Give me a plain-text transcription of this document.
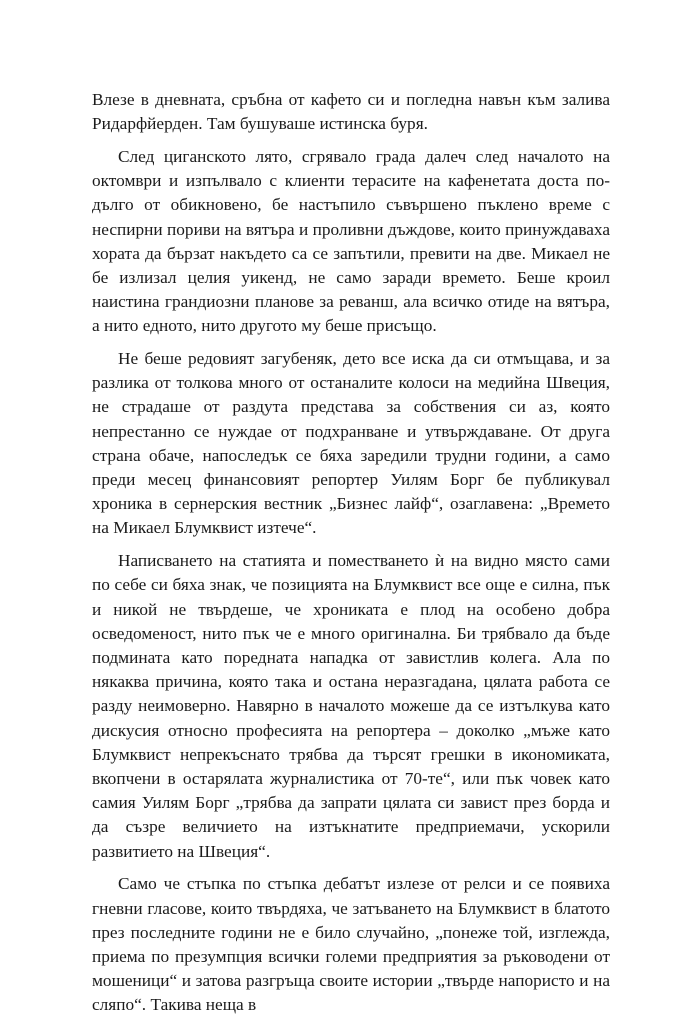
Влезе в дневната, сръбна от кафето си и погледна навън към залива Ридарфйерден. Там бушуваше истинска буря.

След циганското лято, сгрявало града далеч след началото на октомври и изпълвало с клиенти терасите на кафенетата доста по-дълго от обикновено, бе настъпило съвършено пъклено време с неспирни пориви на вятъра и проливни дъждове, които принуждаваха хората да бързат накъдето са се запътили, превити на две. Микаел не бе излизал целия уикенд, не само заради времето. Беше кроил наистина грандиозни планове за реванш, ала всичко отиде на вятъра, а нито едното, нито другото му беше присъщо.

Не беше редовият загубеняк, дето все иска да си отмъщава, и за разлика от толкова много от останалите колоси на медийна Швеция, не страдаше от раздута представа за собствения си аз, която непрестанно се нуждае от подхранване и утвърждаване. От друга страна обаче, напоследък се бяха заредили трудни години, а само преди месец финансовият репортер Уилям Борг бе публикувал хроника в сернерския вестник „Бизнес лайф“, озаглавена: „Времето на Микаел Блумквист изтече“.

Написването на статията и поместването ѝ на видно място сами по себе си бяха знак, че позицията на Блумквист все още е силна, пък и никой не твърдеше, че хрониката е плод на особено добра осведоменост, нито пък че е много оригинална. Би трябвало да бъде подмината като поредната нападка от завистлив колега. Ала по някаква причина, която така и остана неразгадана, цялата работа се разду неимоверно. Навярно в началото можеше да се изтълкува като дискусия относно професията на репортера – доколко „мъже като Блумквист непрекъснато трябва да търсят грешки в икономиката, вкопчени в остарялата журналистика от 70-те“, или пък човек като самия Уилям Борг „трябва да запрати цялата си завист през борда и да съзре величието на изтъкнатите предприемачи, ускорили развитието на Швеция“.

Само че стъпка по стъпка дебатът излезе от релси и се появиха гневни гласове, които твърдяха, че затъването на Блумквист в блатото през последните години не е било случайно, „понеже той, изглежда, приема по презумпция всички големи предприятия за ръководени от мошеници“ и затова разгръща своите истории „твърде напористо и на сляпо“. Такива неща в
